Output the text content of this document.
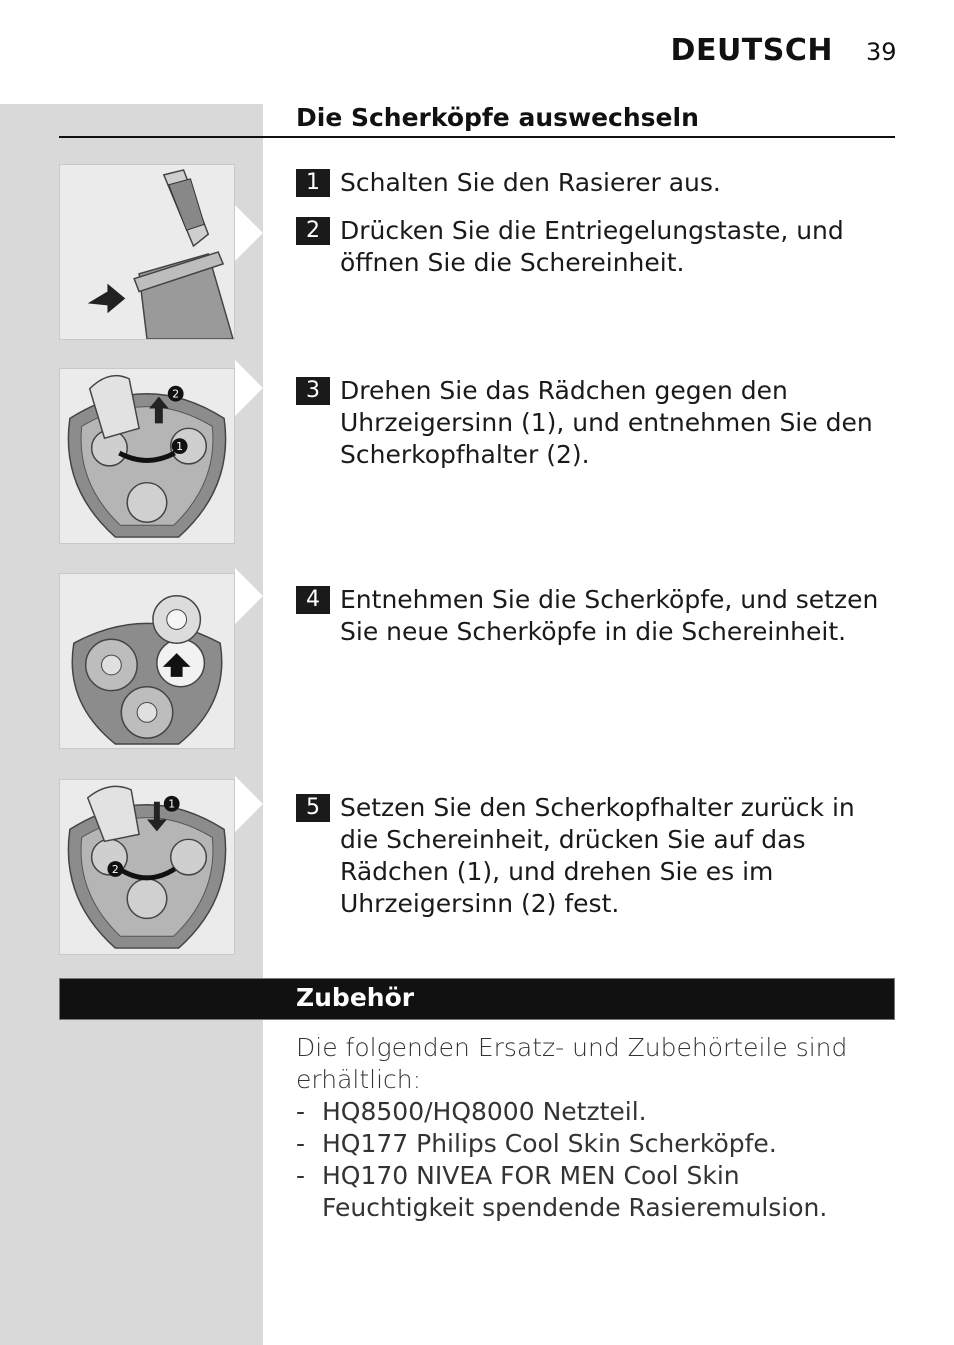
DEUTSCH 39
Die Scherköpfe auswechseln
2
1
1
2
1 Schalten Sie den Rasierer aus.
2 Drücken Sie die Entriegelungstaste, und öffnen Sie die Schereinheit.
3 Drehen Sie das Rädchen gegen den Uhrzeigersinn (1), und entnehmen Sie den Scherkopfhalter (2).
4 Entnehmen Sie die Scherköpfe, und setzen Sie neue Scherköpfe in die Schereinheit.
5 Setzen Sie den Scherkopfhalter zurück in die Schereinheit, drücken Sie auf das Rädchen (1), und drehen Sie es im Uhrzeigersinn (2) fest.
Zubehör
Die folgenden Ersatz- und Zubehörteile sind erhältlich:
- HQ8500/HQ8000 Netzteil.
- HQ177 Philips Cool Skin Scherköpfe.
- HQ170 NIVEA FOR MEN Cool Skin Feuchtigkeit spendende Rasieremulsion.
